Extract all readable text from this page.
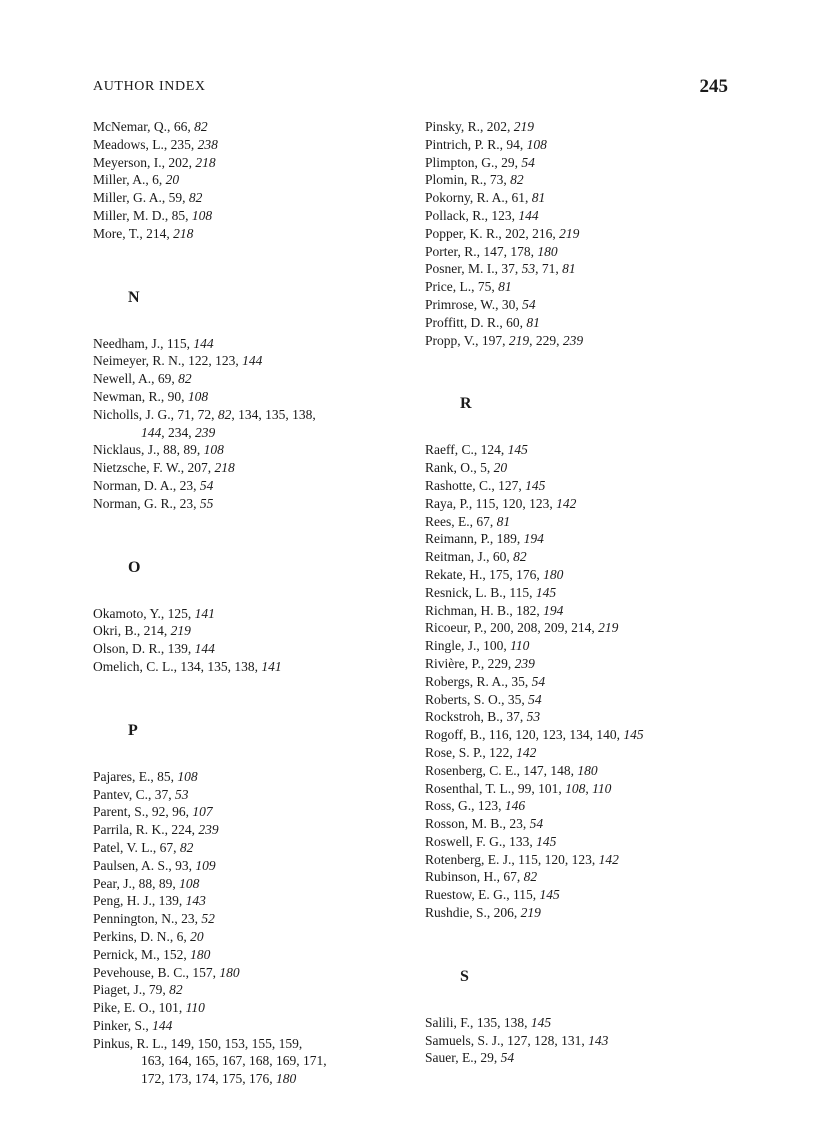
AUTHOR INDEX	245
McNemar, Q., 66, 82
Meadows, L., 235, 238
Meyerson, I., 202, 218
Miller, A., 6, 20
Miller, G. A., 59, 82
Miller, M. D., 85, 108
More, T., 214, 218
N
Needham, J., 115, 144
Neimeyer, R. N., 122, 123, 144
Newell, A., 69, 82
Newman, R., 90, 108
Nicholls, J. G., 71, 72, 82, 134, 135, 138,
144, 234, 239
Nicklaus, J., 88, 89, 108
Nietzsche, F. W., 207, 218
Norman, D. A., 23, 54
Norman, G. R., 23, 55
O
Okamoto, Y., 125, 141
Okri, B., 214, 219
Olson, D. R., 139, 144
Omelich, C. L., 134, 135, 138, 141
P
Pajares, E., 85, 108
Pantev, C., 37, 53
Parent, S., 92, 96, 107
Parrila, R. K., 224, 239
Patel, V. L., 67, 82
Paulsen, A. S., 93, 109
Pear, J., 88, 89, 108
Peng, H. J., 139, 143
Pennington, N., 23, 52
Perkins, D. N., 6, 20
Pernick, M., 152, 180
Pevehouse, B. C., 157, 180
Piaget, J., 79, 82
Pike, E. O., 101, 110
Pinker, S., 144
Pinkus, R. L., 149, 150, 153, 155, 159,
163, 164, 165, 167, 168, 169, 171,
172, 173, 174, 175, 176, 180
Pinsky, R., 202, 219
Pintrich, P. R., 94, 108
Plimpton, G., 29, 54
Plomin, R., 73, 82
Pokorny, R. A., 61, 81
Pollack, R., 123, 144
Popper, K. R., 202, 216, 219
Porter, R., 147, 178, 180
Posner, M. I., 37, 53, 71, 81
Price, L., 75, 81
Primrose, W., 30, 54
Proffitt, D. R., 60, 81
Propp, V., 197, 219, 229, 239
R
Raeff, C., 124, 145
Rank, O., 5, 20
Rashotte, C., 127, 145
Raya, P., 115, 120, 123, 142
Rees, E., 67, 81
Reimann, P., 189, 194
Reitman, J., 60, 82
Rekate, H., 175, 176, 180
Resnick, L. B., 115, 145
Richman, H. B., 182, 194
Ricoeur, P., 200, 208, 209, 214, 219
Ringle, J., 100, 110
Rivière, P., 229, 239
Robergs, R. A., 35, 54
Roberts, S. O., 35, 54
Rockstroh, B., 37, 53
Rogoff, B., 116, 120, 123, 134, 140, 145
Rose, S. P., 122, 142
Rosenberg, C. E., 147, 148, 180
Rosenthal, T. L., 99, 101, 108, 110
Ross, G., 123, 146
Rosson, M. B., 23, 54
Roswell, F. G., 133, 145
Rotenberg, E. J., 115, 120, 123, 142
Rubinson, H., 67, 82
Ruestow, E. G., 115, 145
Rushdie, S., 206, 219
S
Salili, F., 135, 138, 145
Samuels, S. J., 127, 128, 131, 143
Sauer, E., 29, 54
